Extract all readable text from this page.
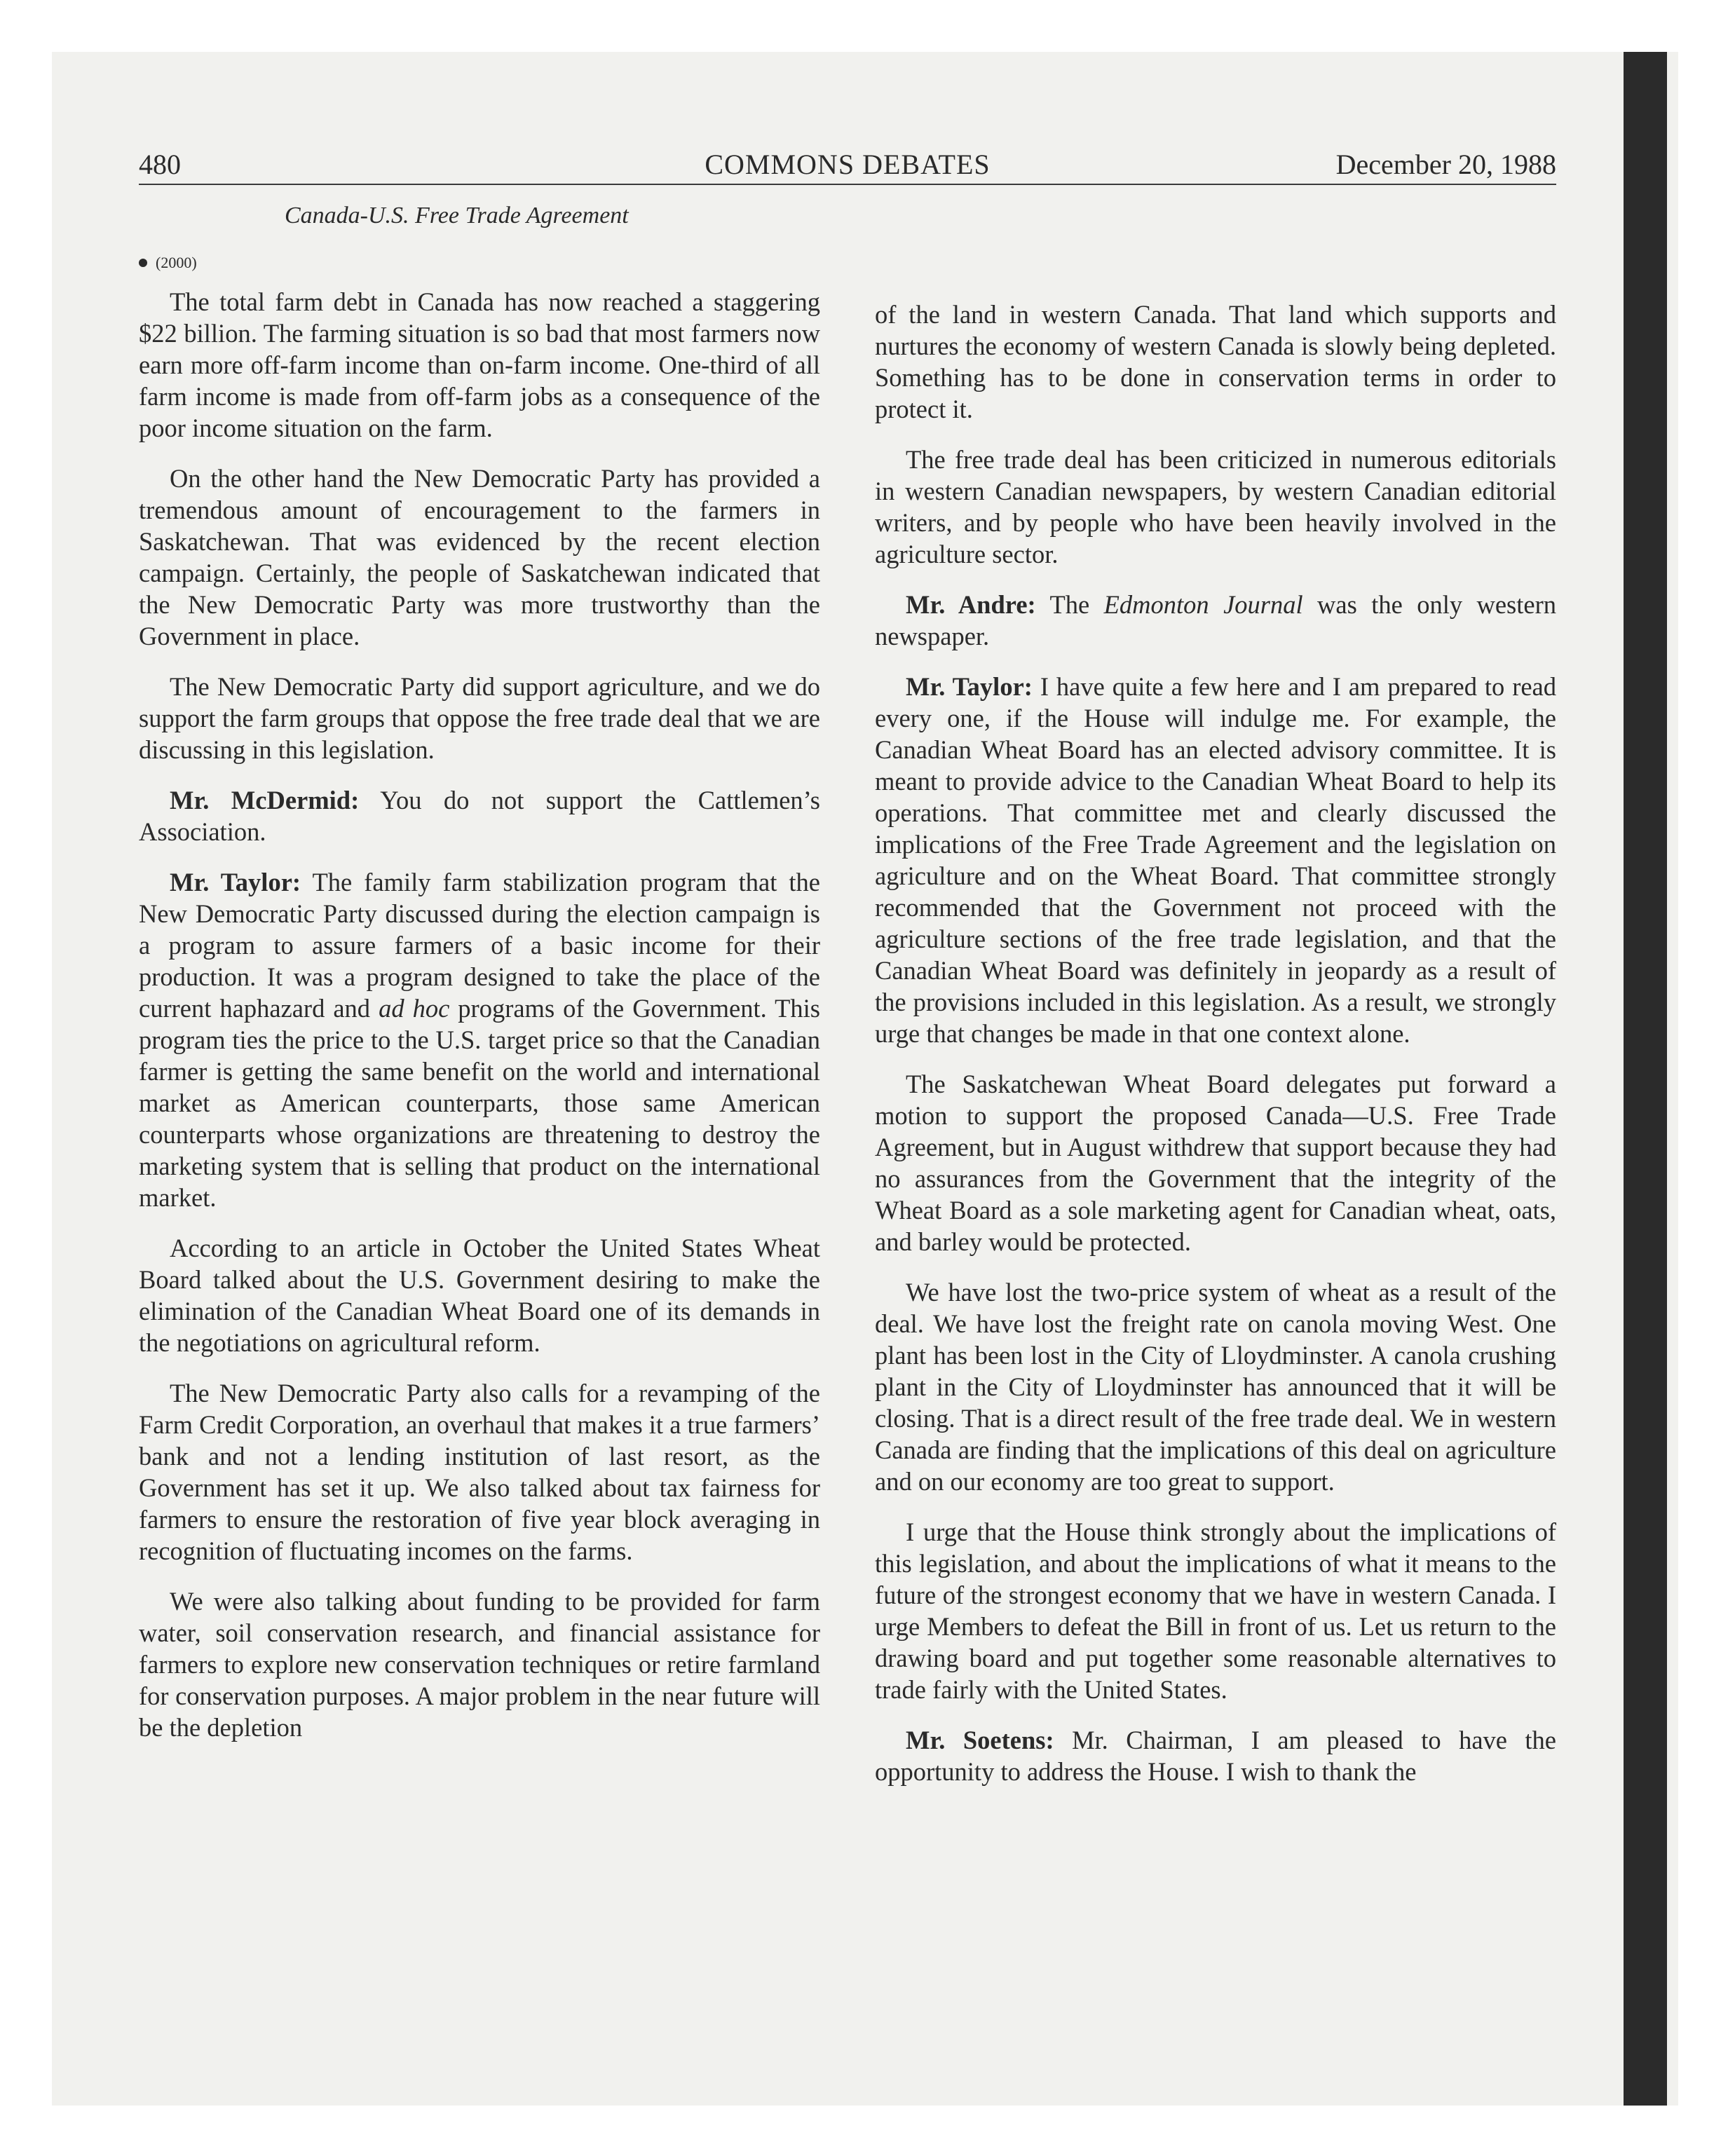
480	COMMONS DEBATES	December 20, 1988
Canada-U.S. Free Trade Agreement
(2000)

The total farm debt in Canada has now reached a staggering $22 billion. The farming situation is so bad that most farmers now earn more off-farm income than on-farm income. One-third of all farm income is made from off-farm jobs as a consequence of the poor income situation on the farm.

On the other hand the New Democratic Party has provided a tremendous amount of encouragement to the farmers in Saskatchewan. That was evidenced by the recent election campaign. Certainly, the people of Saskatchewan indicated that the New Democratic Party was more trustworthy than the Government in place.

The New Democratic Party did support agriculture, and we do support the farm groups that oppose the free trade deal that we are discussing in this legislation.

Mr. McDermid: You do not support the Cattlemen’s Association.

Mr. Taylor: The family farm stabilization program that the New Democratic Party discussed during the election campaign is a program to assure farmers of a basic income for their production. It was a program designed to take the place of the current haphazard and ad hoc programs of the Government. This program ties the price to the U.S. target price so that the Canadian farmer is getting the same benefit on the world and international market as American counterparts, those same American counterparts whose organizations are threatening to destroy the marketing system that is selling that product on the international market.

According to an article in October the United States Wheat Board talked about the U.S. Government desiring to make the elimination of the Canadian Wheat Board one of its demands in the negotiations on agricultural reform.

The New Democratic Party also calls for a revamping of the Farm Credit Corporation, an overhaul that makes it a true farmers’ bank and not a lending institution of last resort, as the Government has set it up. We also talked about tax fairness for farmers to ensure the restoration of five year block averaging in recognition of fluctuating incomes on the farms.

We were also talking about funding to be provided for farm water, soil conservation research, and financial assistance for farmers to explore new conservation techniques or retire farmland for conservation purposes. A major problem in the near future will be the depletion

of the land in western Canada. That land which supports and nurtures the economy of western Canada is slowly being depleted. Something has to be done in conservation terms in order to protect it.

The free trade deal has been criticized in numerous editorials in western Canadian newspapers, by western Canadian editorial writers, and by people who have been heavily involved in the agriculture sector.

Mr. Andre: The Edmonton Journal was the only western newspaper.

Mr. Taylor: I have quite a few here and I am prepared to read every one, if the House will indulge me. For example, the Canadian Wheat Board has an elected advisory committee. It is meant to provide advice to the Canadian Wheat Board to help its operations. That committee met and clearly discussed the implications of the Free Trade Agreement and the legislation on agriculture and on the Wheat Board. That committee strongly recommended that the Government not proceed with the agriculture sections of the free trade legislation, and that the Canadian Wheat Board was definitely in jeopardy as a result of the provisions included in this legislation. As a result, we strongly urge that changes be made in that one context alone.

The Saskatchewan Wheat Board delegates put forward a motion to support the proposed Canada—U.S. Free Trade Agreement, but in August withdrew that support because they had no assurances from the Government that the integrity of the Wheat Board as a sole marketing agent for Canadian wheat, oats, and barley would be protected.

We have lost the two-price system of wheat as a result of the deal. We have lost the freight rate on canola moving West. One plant has been lost in the City of Lloydminster. A canola crushing plant in the City of Lloydminster has announced that it will be closing. That is a direct result of the free trade deal. We in western Canada are finding that the implications of this deal on agriculture and on our economy are too great to support.

I urge that the House think strongly about the implications of this legislation, and about the implications of what it means to the future of the strongest economy that we have in western Canada. I urge Members to defeat the Bill in front of us. Let us return to the drawing board and put together some reasonable alternatives to trade fairly with the United States.

Mr. Soetens: Mr. Chairman, I am pleased to have the opportunity to address the House. I wish to thank the
